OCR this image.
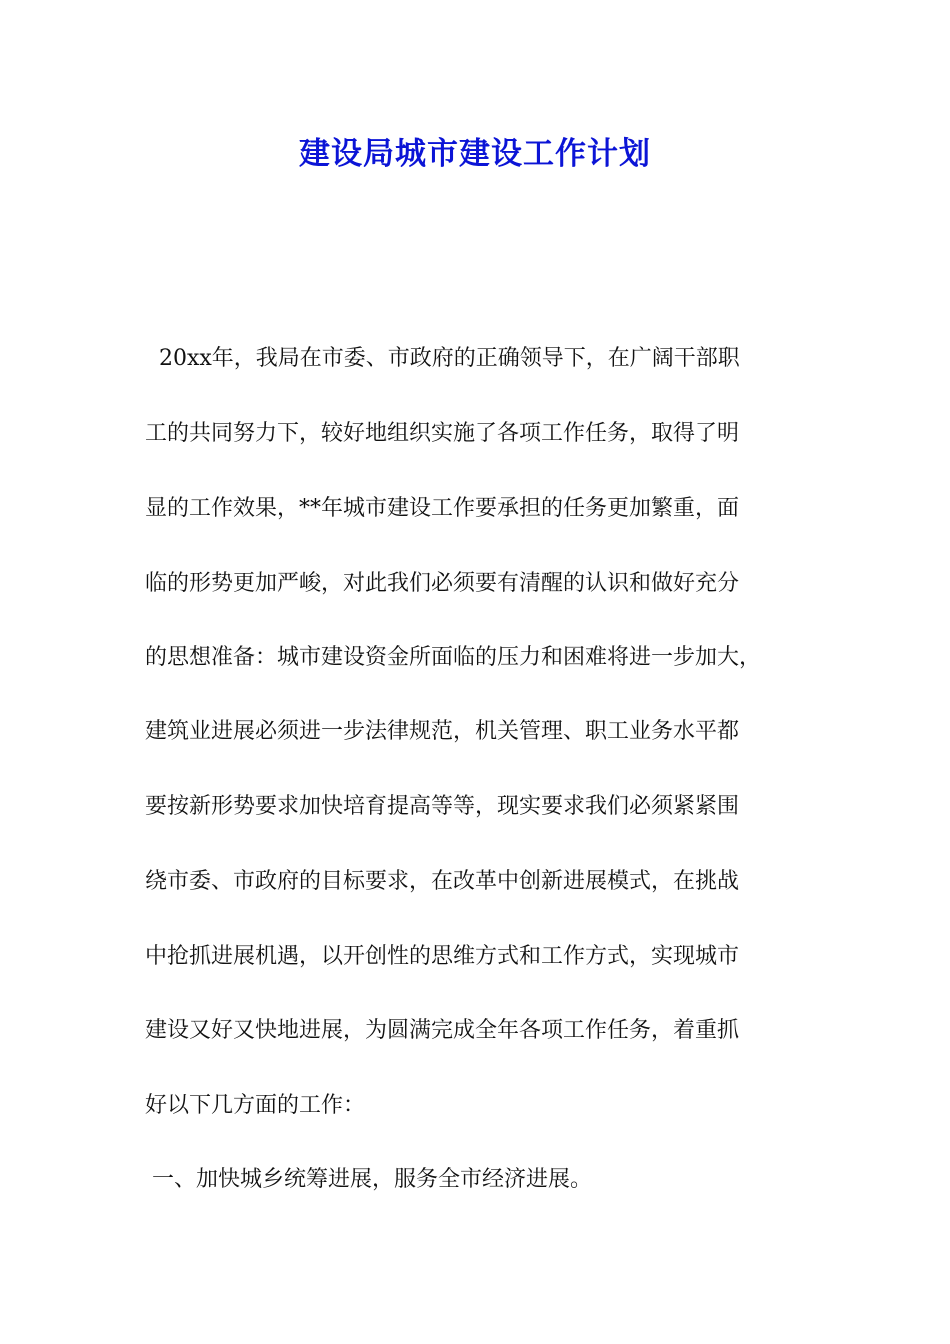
建设局城市建设工作计划
20xx年，我局在市委、市政府的正确领导下，在广阔干部职
工的共同努力下，较好地组织实施了各项工作任务，取得了明
显的工作效果，**年城市建设工作要承担的任务更加繁重，面
临的形势更加严峻，对此我们必须要有清醒的认识和做好充分
的思想准备：城市建设资金所面临的压力和困难将进一步加大，
建筑业进展必须进一步法律规范，机关管理、职工业务水平都
要按新形势要求加快培育提高等等，现实要求我们必须紧紧围
绕市委、市政府的目标要求，在改革中创新进展模式，在挑战
中抢抓进展机遇，以开创性的思维方式和工作方式，实现城市
建设又好又快地进展，为圆满完成全年各项工作任务，着重抓
好以下几方面的工作：
一、加快城乡统筹进展，服务全市经济进展。
